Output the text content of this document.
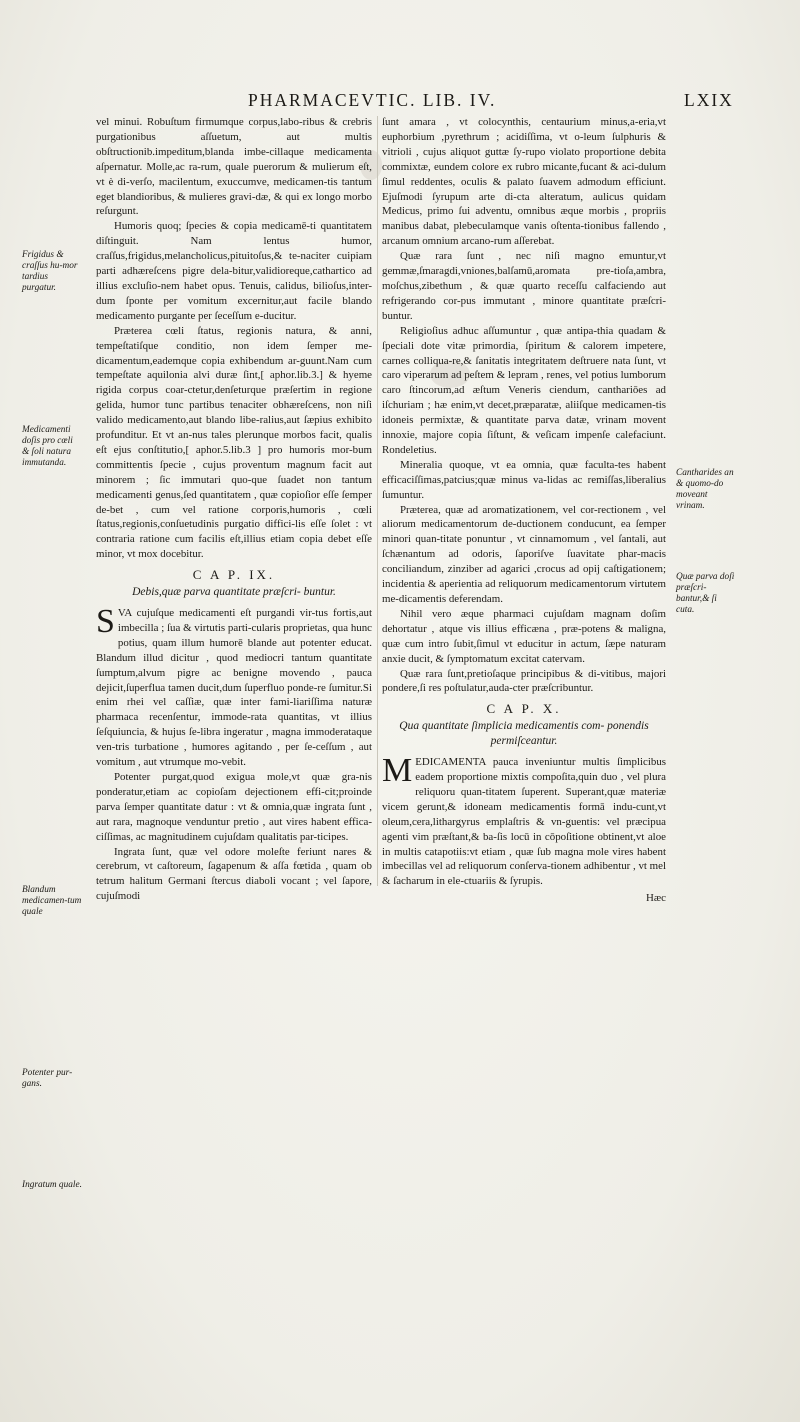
PHARMACEVTIC. LIB. IV.	LXIX

vel minui. Robuſtum firmumque corpus,labo-ribus & crebris purgationibus aſſuetum, aut multis obſtructionib.impeditum,blanda imbe-cillaque medicamenta aſpernatur. Molle,ac ra-rum, quale puerorum & mulierum eſt, vt è di-verſo, macilentum, exuccumve, medicamen-tis tantum eget blandioribus, & mulieres gravi-dæ, & qui ex longo morbo reſurgunt.

Humoris quoq; ſpecies & copia medicamē-ti quantitatem diſtinguit. Nam lentus humor, craſſus,frigidus,melancholicus,pituitoſus,& te-naciter cuipiam parti adhæreſcens pigre dela-bitur,validioreque,cathartico ad illius excluſio-nem habet opus. Tenuis, calidus, bilioſus,inter-dum ſponte per vomitum excernitur,aut facile blando medicamento purgante per ſeceſſum e-ducitur.

Præterea cœli ſtatus, regionis natura, & anni, tempeſtatiſque conditio, non idem ſemper me-dicamentum,eademque copia exhibendum ar-guunt.Nam cum tempeſtate aquilonia alvi duræ ſint,[ aphor.lib.3.] & hyeme rigida corpus coar-ctetur,denſeturque præſertim in regione gelida, humor tunc partibus tenaciter obhæreſcens, non niſi valido medicamento,aut blando libe-ralius,aut ſæpius exhibito profunditur. Et vt an-nus tales plerunque morbos facit, qualis eſt ejus conſtitutio,[ aphor.5.lib.3 ] pro humoris mor-bum committentis ſpecie , cujus proventum magnum facit aut minorem ; ſic immutari quo-que ſuadet non tantum medicamenti genus,ſed quantitatem , quæ copioſior eſſe ſemper de-bet , cum vel ratione corporis,humoris , cœli ſtatus,regionis,conſuetudinis purgatio diffici-lis eſſe ſolet : vt contraria ratione cum facilis eſt,illius etiam copia debet eſſe minor, vt mox docebitur.

C A P. IX.
Debis,quæ parva quantitate præſcri- buntur.

SVA cujuſque medicamenti eſt purgandi vir-tus fortis,aut imbecilla ; ſua & virtutis parti-cularis proprietas, qua hunc potius, quam illum humorē blande aut potenter educat. Blandum illud dicitur , quod mediocri tantum quantitate ſumptum,alvum pigre ac benigne movendo , pauca dejicit,ſuperflua tamen ducit,dum ſuperfluo ponde-re ſumitur.Si enim rhei vel caſſiæ, quæ inter fami-liariſſima naturæ pharmaca recenſentur, immode-rata quantitas, vt illius ſeſquiuncia, & hujus ſe-libra ingeratur , magna immoderataque ven-tris turbatione , humores agitando , per ſe-ceſſum , aut vomitum , aut vtrumque mo-vebit.

Potenter purgat,quod exigua mole,vt quæ gra-nis ponderatur,etiam ac copioſam dejectionem effi-cit;proinde parva ſemper quantitate datur : vt & omnia,quæ ingrata ſunt , aut rara, magnoque venduntur pretio , aut vires habent effica-ciſſimas, ac magnitudinem cujuſdam qualitatis par-ticipes.

Ingrata ſunt, quæ vel odore moleſte feriunt nares & cerebrum, vt caſtoreum, ſagapenum & aſſa fœtida , quam ob tetrum halitum Germani ſtercus diaboli vocant ; vel ſapore, cujuſmodi

ſunt amara , vt colocynthis, centaurium minus,a-eria,vt euphorbium ,pyrethrum ; acidiſſima, vt o-leum ſulphuris & vitrioli , cujus aliquot guttæ ſy-rupo violato proportione debita commixtæ, eundem colore ex rubro micante,fucant & aci-dulum ſimul reddentes, oculis & palato ſuavem admodum efficiunt. Ejuſmodi ſyrupum arte di-cta alteratum, aulicus quidam Medicus, primo ſui adventu, omnibus æque morbis , propriis manibus dabat, plebeculamque vanis oſtenta-tionibus fallendo , arcanum omnium arcano-rum aſſerebat.

Quæ rara ſunt , nec niſi magno emuntur,vt gemmæ,ſmaragdi,vniones,balſamū,aromata pre-tioſa,ambra, moſchus,zibethum , & quæ quarto receſſu calfaciendo aut refrigerando cor-pus immutant , minore quantitate præſcri-buntur.

Religioſius adhuc aſſumuntur , quæ antipa-thia quadam & ſpeciali dote vitæ primordia, ſpiritum & calorem impetere, carnes colliqua-re,& ſanitatis integritatem deſtruere nata ſunt, vt caro viperarum ad peſtem & lepram , renes, vel potius lumborum caro ſtincorum,ad æſtum Veneris ciendum, canthariōes ad iſchuriam ; hæ enim,vt decet,præparatæ, aliiſque medicamen-tis idoneis permixtæ, & quantitate parva datæ, vrinam movent innoxie, majore copia ſiſtunt, & veſicam impenſe calefaciunt. Rondeletius.

Mineralia quoque, vt ea omnia, quæ faculta-tes habent efficaciſſimas,patcius;quæ minus va-lidas ac remiſſas,liberalius ſumuntur.

Præterea, quæ ad aromatizationem, vel cor-rectionem , vel aliorum medicamentorum de-ductionem conducunt, ea ſemper minori quan-titate ponuntur , vt cinnamomum , vel ſantali, aut ſchænantum ad odoris, ſaporiſve ſuavitate phar-macis conciliandum, zinziber ad agarici ,crocus ad opij caſtigationem; incidentia & aperientia ad reliquorum medicamentorum virtutem me-dicamentis deferendam.

Nihil vero æque pharmaci cujuſdam magnam doſim dehortatur , atque vis illius efficæna , præ-potens & maligna, quæ cum intro ſubit,ſimul vt educitur in actum, ſæpe naturam anxie ducit, & ſymptomatum excitat catervam.

Quæ rara ſunt,pretioſaque principibus & di-vitibus, majori pondere,ſi res poſtulatur,auda-cter præſcribuntur.

C A P. X.
Qua quantitate ſimplicia medicamentis com- ponendis permiſceantur.

MEDICAMENTA pauca inveniuntur multis ſimplicibus eadem proportione mixtis compoſita,quin duo , vel plura reliquoru quan-titatem ſuperent. Superant,quæ materiæ vicem gerunt,& idoneam medicamentis formā indu-cunt,vt oleum,cera,lithargyrus emplaſtris & vn-guentis: vel præcipua agenti vim præſtant,& ba-ſis locū in cōpoſitione obtinent,vt aloe in multis catapotiis:vt etiam , quæ ſub magna mole vires habent imbecillas vel ad reliquorum conſerva-tionem adhibentur , vt mel & ſacharum in ele-ctuariis & ſyrupis.

Hæc
Frigidus & craſſus hu-mor tardius purgatur.
Medicamenti doſis pro cœli & ſoli natura immutanda.
Blandum medicamen-tum quale
Potenter pur-gans.
Ingratum quale.
Cantharides an & quomo-do moveant vrinam.
Quæ parva doſi præſcri-bantur,& ſi cuta.
